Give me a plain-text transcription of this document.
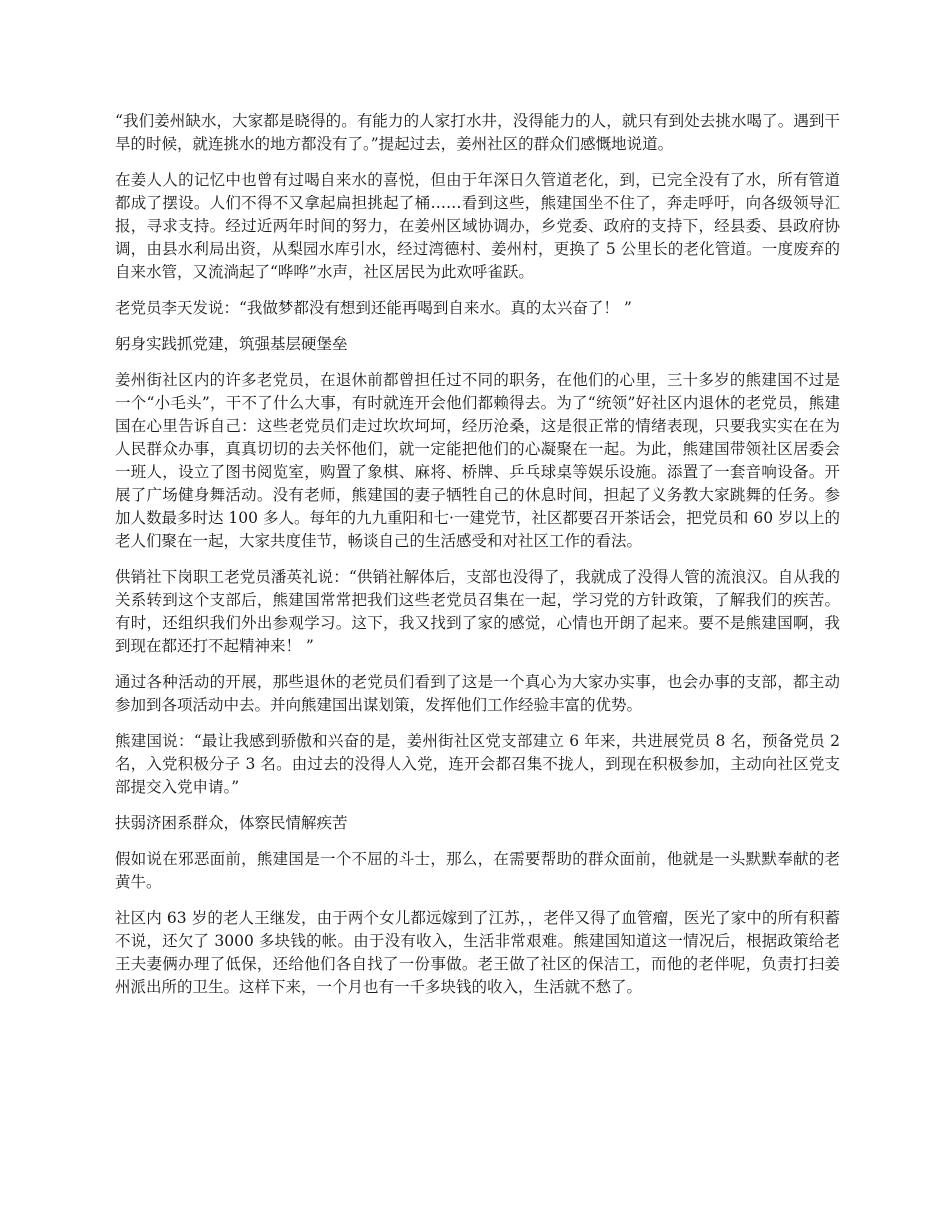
“我们姜州缺水，大家都是晓得的。有能力的人家打水井，没得能力的人，就只有到处去挑水喝了。遇到干旱的时候，就连挑水的地方都没有了。”提起过去，姜州社区的群众们感慨地说道。

在姜人人的记忆中也曾有过喝自来水的喜悦，但由于年深日久管道老化，到，已完全没有了水，所有管道都成了摆设。人们不得不又拿起扁担挑起了桶……看到这些，熊建国坐不住了，奔走呼吁，向各级领导汇报，寻求支持。经过近两年时间的努力，在姜州区域协调办，乡党委、政府的支持下，经县委、县政府协调，由县水利局出资，从梨园水库引水，经过湾德村、姜州村，更换了 5 公里长的老化管道。一度废弃的自来水管，又流淌起了“哗哗”水声，社区居民为此欢呼雀跃。

老党员李天发说：“我做梦都没有想到还能再喝到自来水。真的太兴奋了！ ”

躬身实践抓党建，筑强基层硬堡垒

姜州街社区内的许多老党员，在退休前都曾担任过不同的职务，在他们的心里，三十多岁的熊建国不过是一个“小毛头”，干不了什么大事，有时就连开会他们都赖得去。为了“统领”好社区内退休的老党员，熊建国在心里告诉自己：这些老党员们走过坎坎坷坷，经历沧桑，这是很正常的情绪表现，只要我实实在在为人民群众办事，真真切切的去关怀他们，就一定能把他们的心凝聚在一起。为此，熊建国带领社区居委会一班人，设立了图书阅览室，购置了象棋、麻将、桥牌、乒乓球桌等娱乐设施。添置了一套音响设备。开展了广场健身舞活动。没有老师，熊建国的妻子牺牲自己的休息时间，担起了义务教大家跳舞的任务。参加人数最多时达 100 多人。每年的九九重阳和七·一建党节，社区都要召开茶话会，把党员和 60 岁以上的老人们聚在一起，大家共度佳节，畅谈自己的生活感受和对社区工作的看法。

供销社下岗职工老党员潘英礼说：“供销社解体后，支部也没得了，我就成了没得人管的流浪汉。自从我的关系转到这个支部后，熊建国常常把我们这些老党员召集在一起，学习党的方针政策，了解我们的疾苦。有时，还组织我们外出参观学习。这下，我又找到了家的感觉，心情也开朗了起来。要不是熊建国啊，我到现在都还打不起精神来！ ”

通过各种活动的开展，那些退休的老党员们看到了这是一个真心为大家办实事，也会办事的支部，都主动参加到各项活动中去。并向熊建国出谋划策，发挥他们工作经验丰富的优势。

熊建国说：“最让我感到骄傲和兴奋的是，姜州街社区党支部建立 6 年来，共进展党员 8 名，预备党员 2 名，入党积极分子 3 名。由过去的没得人入党，连开会都召集不拢人，到现在积极参加，主动向社区党支部提交入党申请。”

扶弱济困系群众，体察民情解疾苦

假如说在邪恶面前，熊建国是一个不屈的斗士，那么，在需要帮助的群众面前，他就是一头默默奉献的老黄牛。

社区内 63 岁的老人王继发，由于两个女儿都远嫁到了江苏，，老伴又得了血管瘤，医光了家中的所有积蓄不说，还欠了 3000 多块钱的帐。由于没有收入，生活非常艰难。熊建国知道这一情况后，根据政策给老王夫妻俩办理了低保，还给他们各自找了一份事做。老王做了社区的保洁工，而他的老伴呢，负责打扫姜州派出所的卫生。这样下来，一个月也有一千多块钱的收入，生活就不愁了。
